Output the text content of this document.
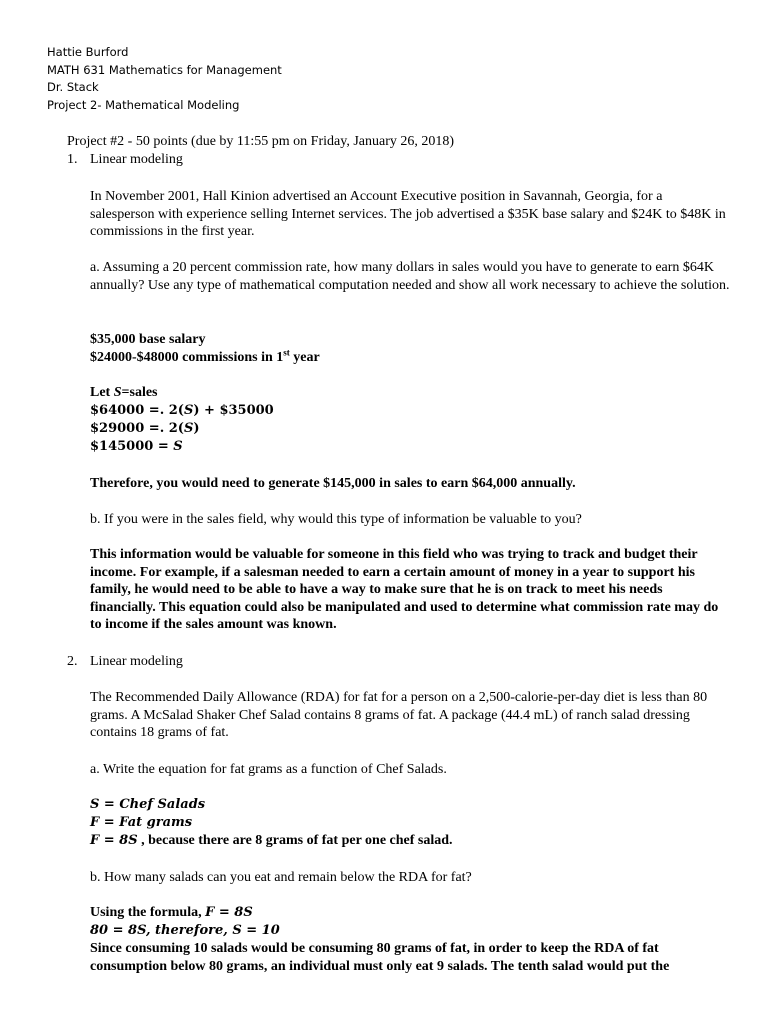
Hattie Burford
MATH 631 Mathematics for Management
Dr. Stack
Project 2- Mathematical Modeling
Project #2 - 50 points (due by 11:55 pm on Friday, January 26, 2018)
1. Linear modeling

In November 2001, Hall Kinion advertised an Account Executive position in Savannah, Georgia, for a salesperson with experience selling Internet services. The job advertised a $35K base salary and $24K to $48K in commissions in the first year.

a. Assuming a 20 percent commission rate, how many dollars in sales would you have to generate to earn $64K annually? Use any type of mathematical computation needed and show all work necessary to achieve the solution.

$35,000 base salary

$24000-$48000 commissions in 1st year

Let S=sales

$64000 =. 2(S) + $35000

$29000 =. 2(S)

$145000 = S

Therefore, you would need to generate $145,000 in sales to earn $64,000 annually.

b. If you were in the sales field, why would this type of information be valuable to you?

This information would be valuable for someone in this field who was trying to track and budget their income. For example, if a salesman needed to earn a certain amount of money in a year to support his family, he would need to be able to have a way to make sure that he is on track to meet his needs financially. This equation could also be manipulated and used to determine what commission rate may do to income if the sales amount was known.

2. Linear modeling

The Recommended Daily Allowance (RDA) for fat for a person on a 2,500-calorie-per-day diet is less than 80 grams. A McSalad Shaker Chef Salad contains 8 grams of fat. A package (44.4 mL) of ranch salad dressing contains 18 grams of fat.

a. Write the equation for fat grams as a function of Chef Salads.

S = Chef Salads

F = Fat grams

F = 8S , because there are 8 grams of fat per one chef salad.

b. How many salads can you eat and remain below the RDA for fat?

Using the formula, F = 8S

80 = 8S, therefore, S = 10

Since consuming 10 salads would be consuming 80 grams of fat, in order to keep the RDA of fat consumption below 80 grams, an individual must only eat 9 salads. The tenth salad would put the
